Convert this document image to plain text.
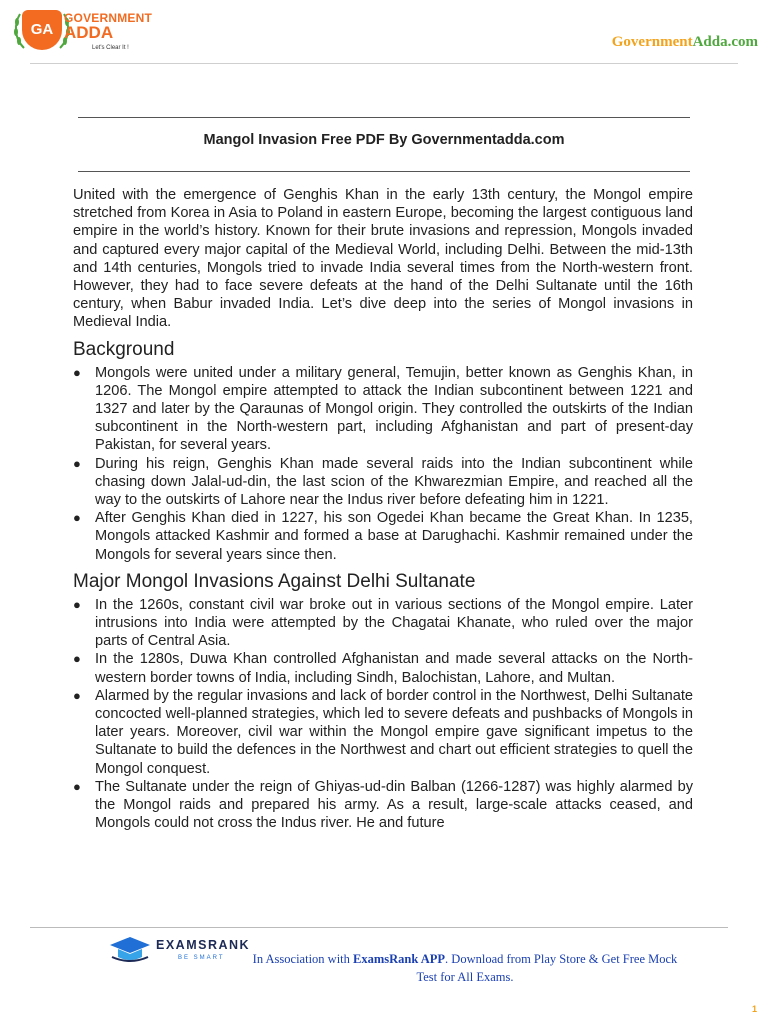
GA
GOVERNMENT
ADDA
Let's Clear It !	GovernmentAdda.com
Mangol Invasion Free PDF By Governmentadda.com

United with the emergence of Genghis Khan in the early 13th century, the Mongol empire stretched from Korea in Asia to Poland in eastern Europe, becoming the largest contiguous land empire in the world’s history. Known for their brute invasions and repression, Mongols invaded and captured every major capital of the Medieval World, including Delhi. Between the mid-13th and 14th centuries, Mongols tried to invade India several times from the North-western front. However, they had to face severe defeats at the hand of the Delhi Sultanate until the 16th century, when Babur invaded India. Let’s dive deep into the series of Mongol invasions in Medieval India.

Background
● Mongols were united under a military general, Temujin, better known as Genghis Khan, in 1206. The Mongol empire attempted to attack the Indian subcontinent between 1221 and 1327 and later by the Qaraunas of Mongol origin. They controlled the outskirts of the Indian subcontinent in the North-western part, including Afghanistan and part of present-day Pakistan, for several years.
● During his reign, Genghis Khan made several raids into the Indian subcontinent while chasing down Jalal-ud-din, the last scion of the Khwarezmian Empire, and reached all the way to the outskirts of Lahore near the Indus river before defeating him in 1221.
● After Genghis Khan died in 1227, his son Ogedei Khan became the Great Khan. In 1235, Mongols attacked Kashmir and formed a base at Darughachi. Kashmir remained under the Mongols for several years since then.
Major Mongol Invasions Against Delhi Sultanate
● In the 1260s, constant civil war broke out in various sections of the Mongol empire. Later intrusions into India were attempted by the Chagatai Khanate, who ruled over the major parts of Central Asia.
● In the 1280s, Duwa Khan controlled Afghanistan and made several attacks on the North-western border towns of India, including Sindh, Balochistan, Lahore, and Multan.
● Alarmed by the regular invasions and lack of border control in the Northwest, Delhi Sultanate concocted well-planned strategies, which led to severe defeats and pushbacks of Mongols in later years. Moreover, civil war within the Mongol empire gave significant impetus to the Sultanate to build the defences in the Northwest and chart out efficient strategies to quell the Mongol conquest.
● The Sultanate under the reign of Ghiyas-ud-din Balban (1266-1287) was highly alarmed by the Mongol raids and prepared his army. As a result, large-scale attacks ceased, and Mongols could not cross the Indus river. He and future
EXAMSRANK
BE SMART	In Association with ExamsRank APP. Download from Play Store & Get Free Mock Test for All Exams.
1
